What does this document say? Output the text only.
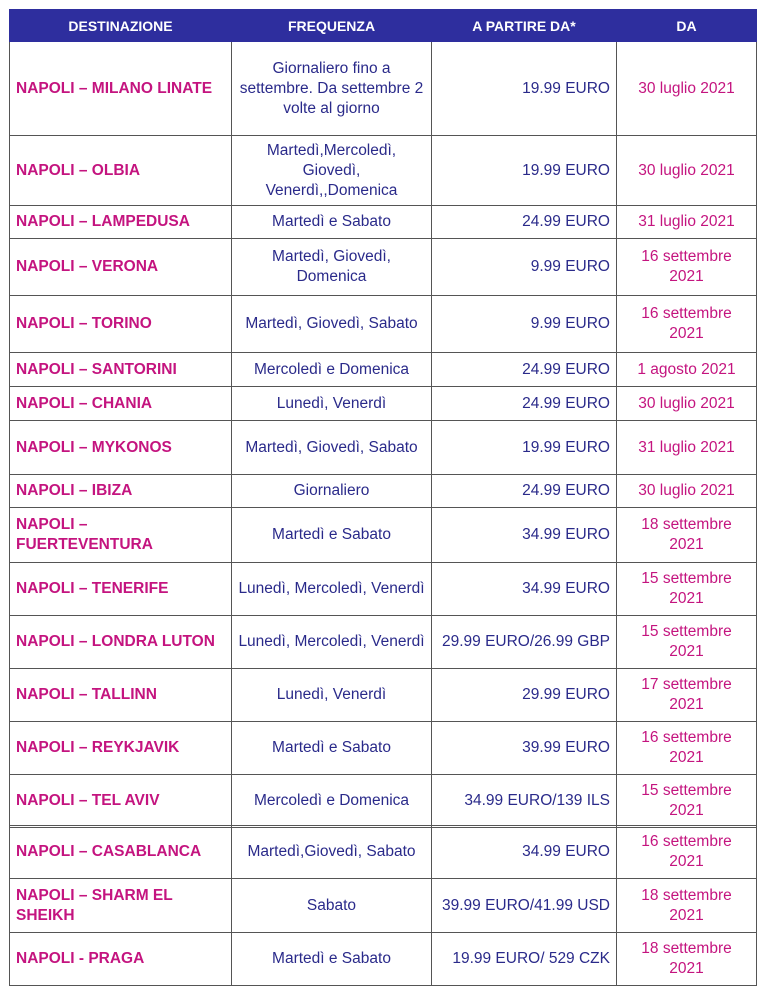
DESTINAZIONE	FREQUENZA	A PARTIRE DA*	DA
NAPOLI – MILANO LINATE	Giornaliero fino a settembre. Da settembre 2 volte al giorno	19.99 EURO	30 luglio 2021
NAPOLI – OLBIA	Martedì,Mercoledì, Giovedì, Venerdì,,Domenica	19.99 EURO	30 luglio 2021
NAPOLI – LAMPEDUSA	Martedì e Sabato	24.99 EURO	31 luglio 2021
NAPOLI – VERONA	Martedì, Giovedì, Domenica	9.99 EURO	16 settembre 2021
NAPOLI – TORINO	Martedì, Giovedì, Sabato	9.99 EURO	16 settembre 2021
NAPOLI – SANTORINI	Mercoledì e Domenica	24.99 EURO	1 agosto 2021
NAPOLI – CHANIA	Lunedì, Venerdì	24.99 EURO	30 luglio 2021
NAPOLI – MYKONOS	Martedì, Giovedì, Sabato	19.99 EURO	31 luglio 2021
NAPOLI – IBIZA	Giornaliero	24.99 EURO	30 luglio 2021
NAPOLI – FUERTEVENTURA	Martedì e Sabato	34.99 EURO	18 settembre 2021
NAPOLI – TENERIFE	Lunedì, Mercoledì, Venerdì	34.99 EURO	15 settembre 2021
NAPOLI – LONDRA LUTON	Lunedì, Mercoledì, Venerdì	29.99 EURO/26.99 GBP	15 settembre 2021
NAPOLI – TALLINN	Lunedì, Venerdì	29.99 EURO	17 settembre 2021
NAPOLI – REYKJAVIK	Martedì e Sabato	39.99 EURO	16 settembre 2021
NAPOLI – TEL AVIV	Mercoledì e Domenica	34.99 EURO/139 ILS	15 settembre 2021
NAPOLI – CASABLANCA	Martedì,Giovedì, Sabato	34.99 EURO	16 settembre 2021
NAPOLI – SHARM EL SHEIKH	Sabato	39.99 EURO/41.99 USD	18 settembre 2021
NAPOLI - PRAGA	Martedì e Sabato	19.99 EURO/ 529 CZK	18 settembre 2021
